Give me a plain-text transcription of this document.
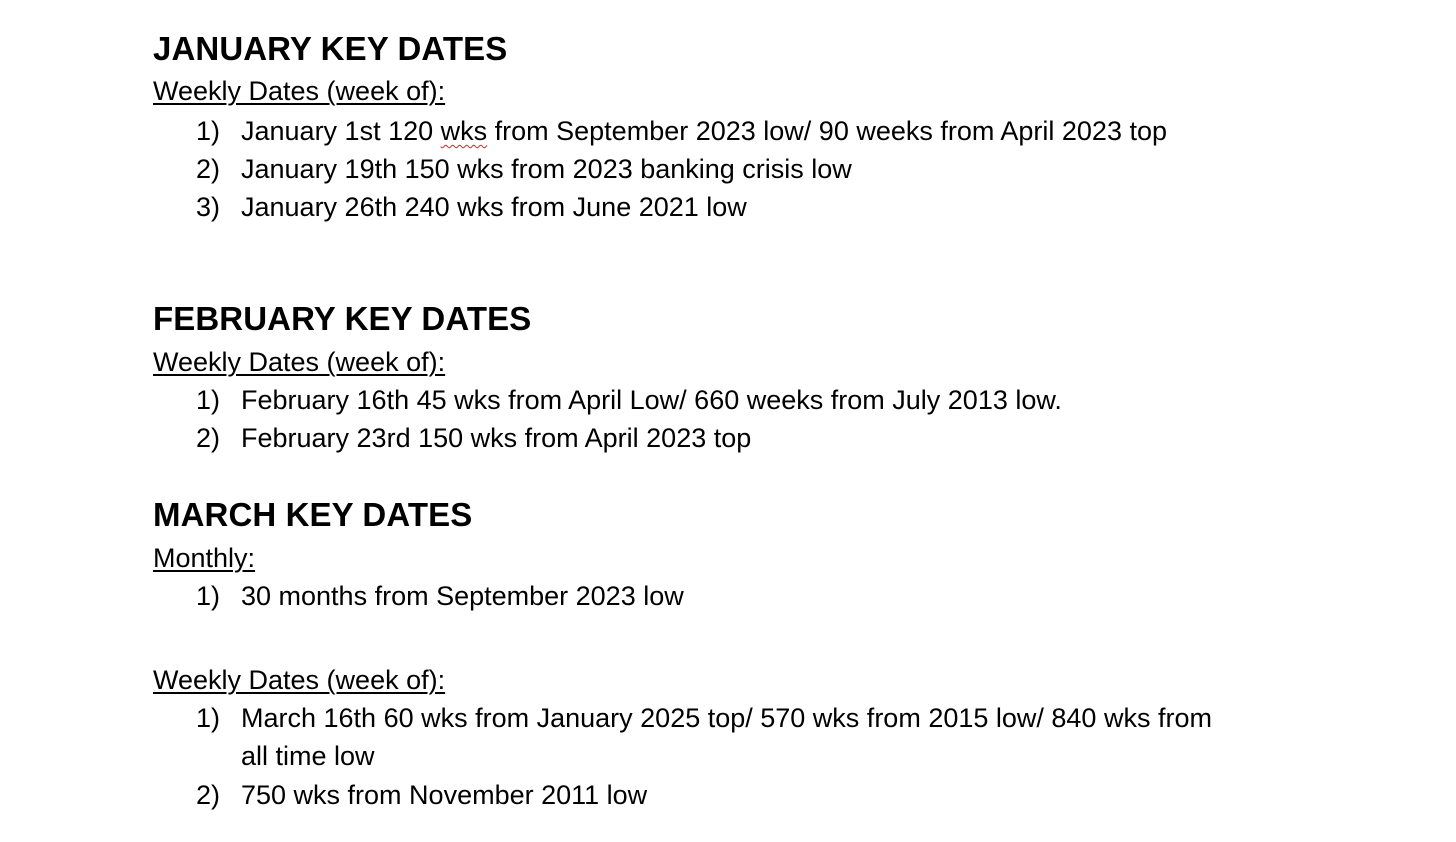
JANUARY KEY DATES

Weekly Dates (week of):

1) January 1st 120 wks from September 2023 low/ 90 weeks from April 2023 top
2) January 19th 150 wks from 2023 banking crisis low
3) January 26th 240 wks from June 2021 low
FEBRUARY KEY DATES

Weekly Dates (week of):

1) February 16th 45 wks from April Low/ 660 weeks from July 2013 low.
2) February 23rd 150 wks from April 2023 top
MARCH KEY DATES

Monthly:

1) 30 months from September 2023 low

Weekly Dates (week of):

1) March 16th 60 wks from January 2025 top/ 570 wks from 2015 low/ 840 wks from
all time low
2) 750 wks from November 2011 low
